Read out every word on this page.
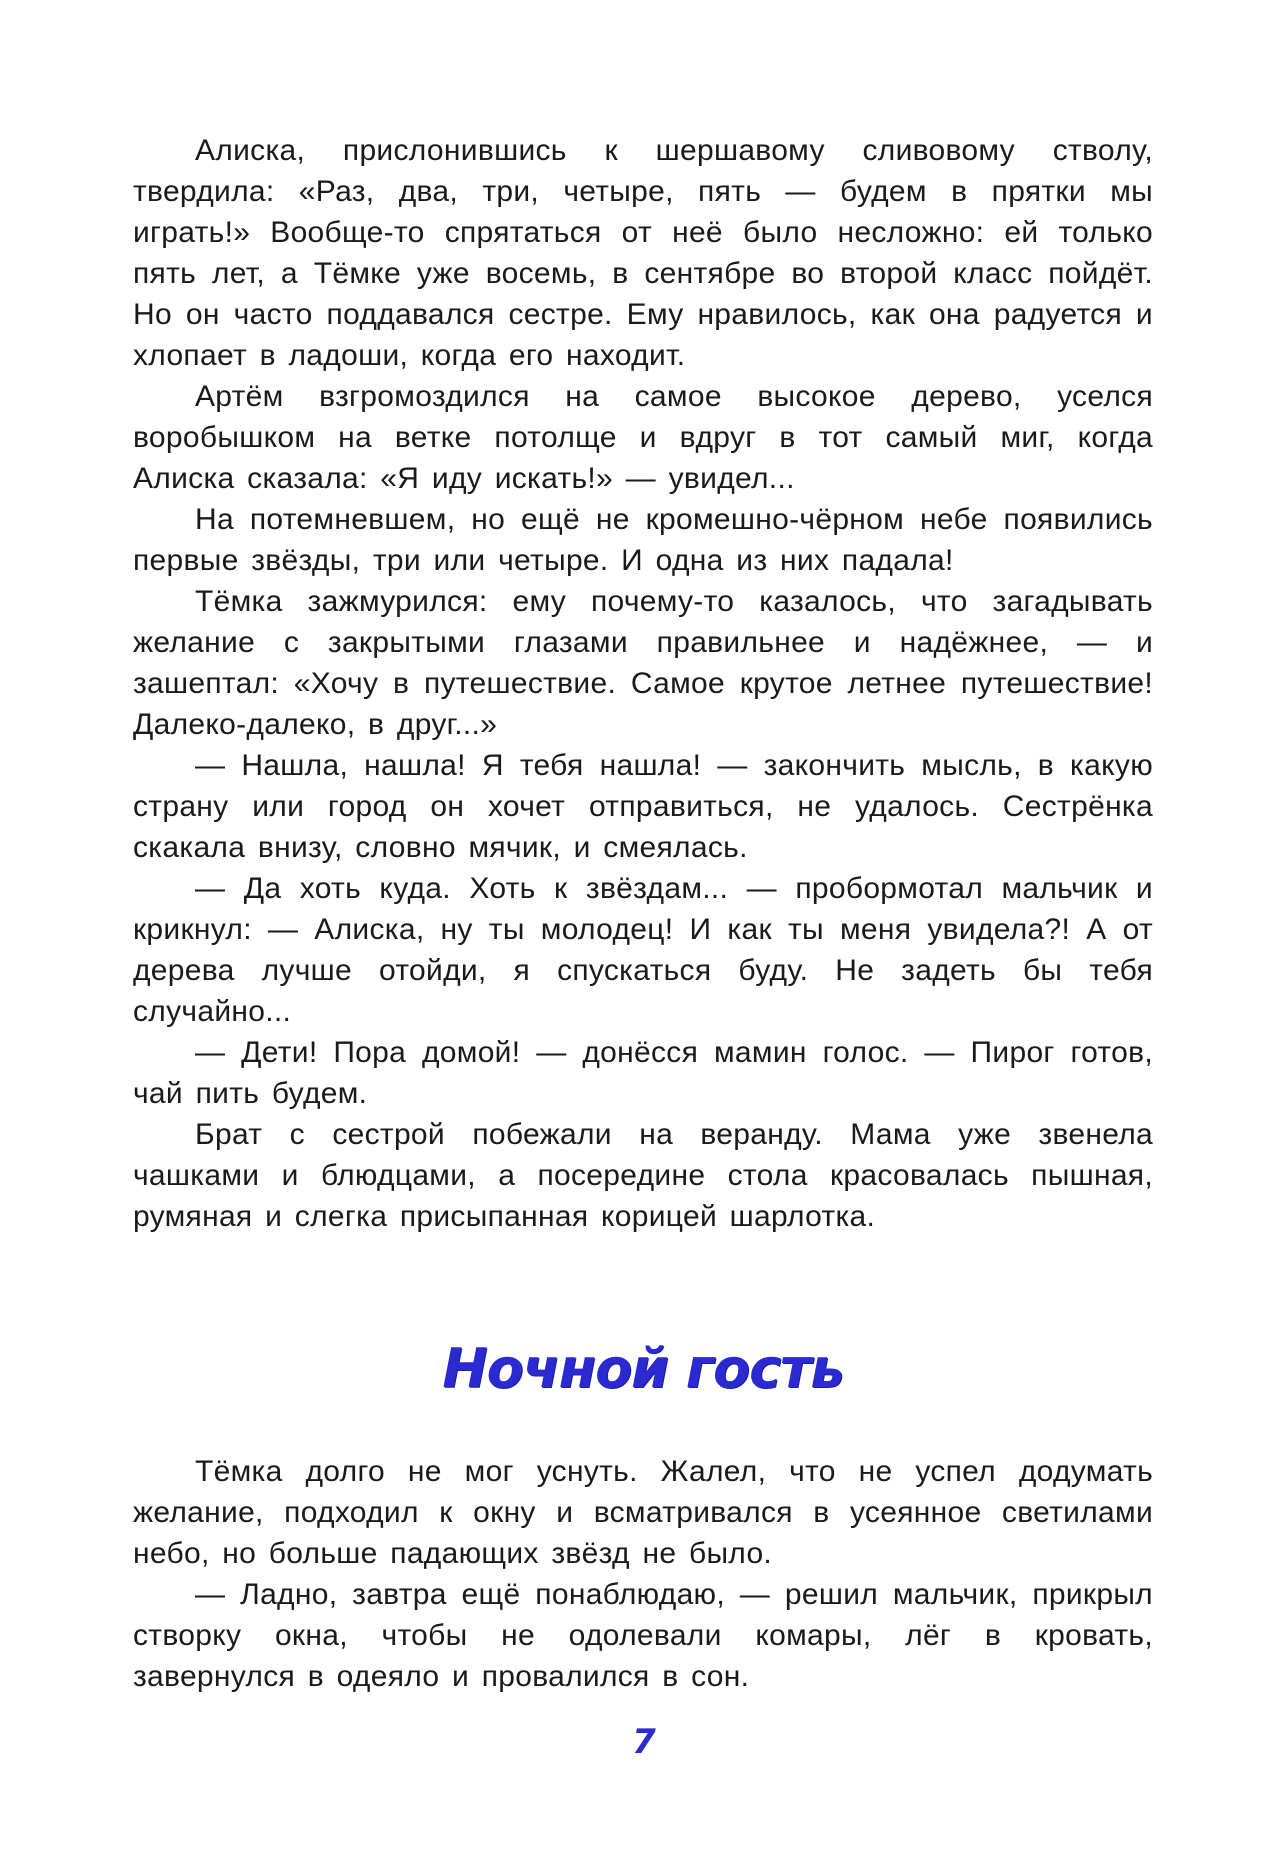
Алиска, прислонившись к шершавому сливовому стволу, твердила: «Раз, два, три, четыре, пять — будем в прятки мы играть!» Вообще-то спрятаться от неё было несложно: ей только пять лет, а Тёмке уже восемь, в сентябре во второй класс пойдёт. Но он часто поддавался сестре. Ему нравилось, как она радуется и хлопает в ладоши, когда его находит.

Артём взгромоздился на самое высокое дерево, уселся воробышком на ветке потолще и вдруг в тот самый миг, когда Алиска сказала: «Я иду искать!» — увидел...

На потемневшем, но ещё не кромешно-чёрном небе появились первые звёзды, три или четыре. И одна из них падала!

Тёмка зажмурился: ему почему-то казалось, что загадывать желание с закрытыми глазами правильнее и надёжнее, — и зашептал: «Хочу в путешествие. Самое крутое летнее путешествие! Далеко-далеко, в друг...»

— Нашла, нашла! Я тебя нашла! — закончить мысль, в какую страну или город он хочет отправиться, не удалось. Сестрёнка скакала внизу, словно мячик, и смеялась.

— Да хоть куда. Хоть к звёздам... — пробормотал мальчик и крикнул: — Алиска, ну ты молодец! И как ты меня увидела?! А от дерева лучше отойди, я спускаться буду. Не задеть бы тебя случайно...

— Дети! Пора домой! — донёсся мамин голос. — Пирог готов, чай пить будем.

Брат с сестрой побежали на веранду. Мама уже звенела чашками и блюдцами, а посередине стола красовалась пышная, румяная и слегка присыпанная корицей шарлотка.

Ночной гость

Тёмка долго не мог уснуть. Жалел, что не успел додумать желание, подходил к окну и всматривался в усеянное светилами небо, но больше падающих звёзд не было.

— Ладно, завтра ещё понаблюдаю, — решил мальчик, прикрыл створку окна, чтобы не одолевали комары, лёг в кровать, завернулся в одеяло и провалился в сон.

7
